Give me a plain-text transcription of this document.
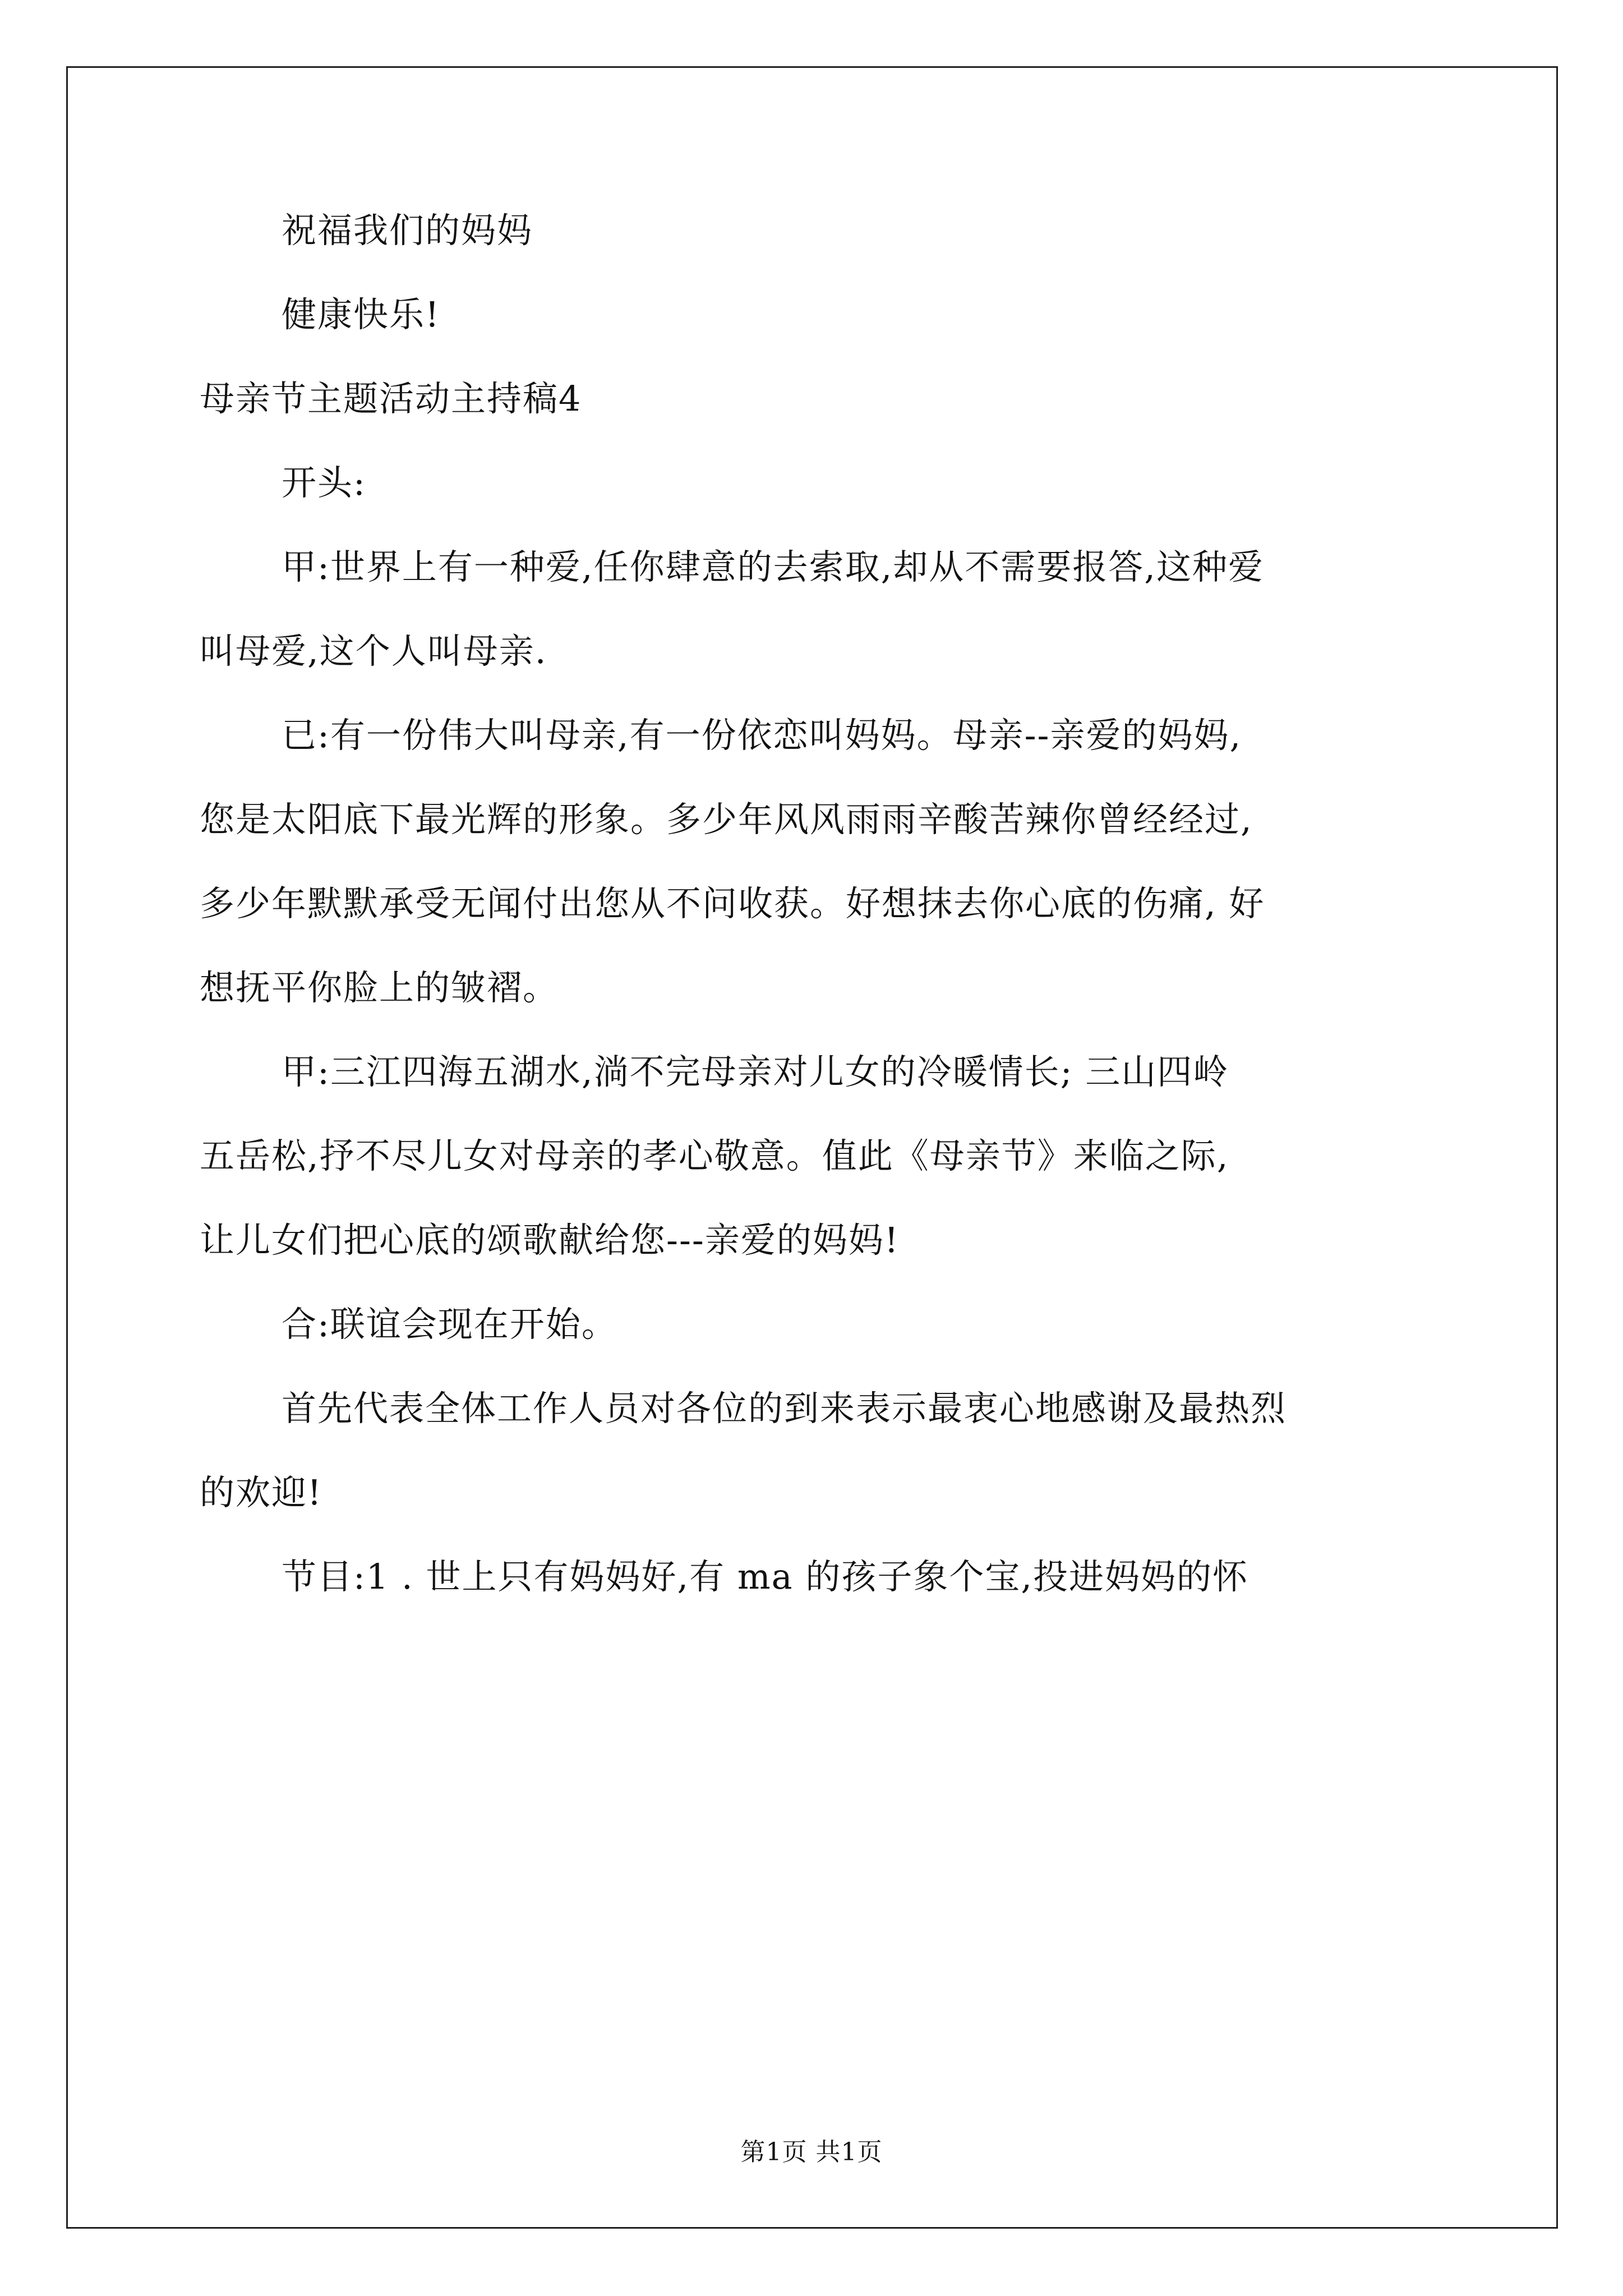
祝福我们的妈妈
健康快乐!
母亲节主题活动主持稿4
开头:
甲:世界上有一种爱,任你肆意的去索取,却从不需要报答,这种爱
叫母爱,这个人叫母亲.
已:有一份伟大叫母亲,有一份依恋叫妈妈。母亲--亲爱的妈妈,
您是太阳底下最光辉的形象。多少年风风雨雨辛酸苦辣你曾经经过,
多少年默默承受无闻付出您从不问收获。好想抹去你心底的伤痛, 好
想抚平你脸上的皱褶。
甲:三江四海五湖水,淌不完母亲对儿女的冷暖情长; 三山四岭
五岳松,抒不尽儿女对母亲的孝心敬意。值此《母亲节》来临之际,
让儿女们把心底的颂歌献给您---亲爱的妈妈!
合:联谊会现在开始。
首先代表全体工作人员对各位的到来表示最衷心地感谢及最热烈
的欢迎!
节目:1 . 世上只有妈妈好,有 ma 的孩子象个宝,投进妈妈的怀
第1页 共1页
